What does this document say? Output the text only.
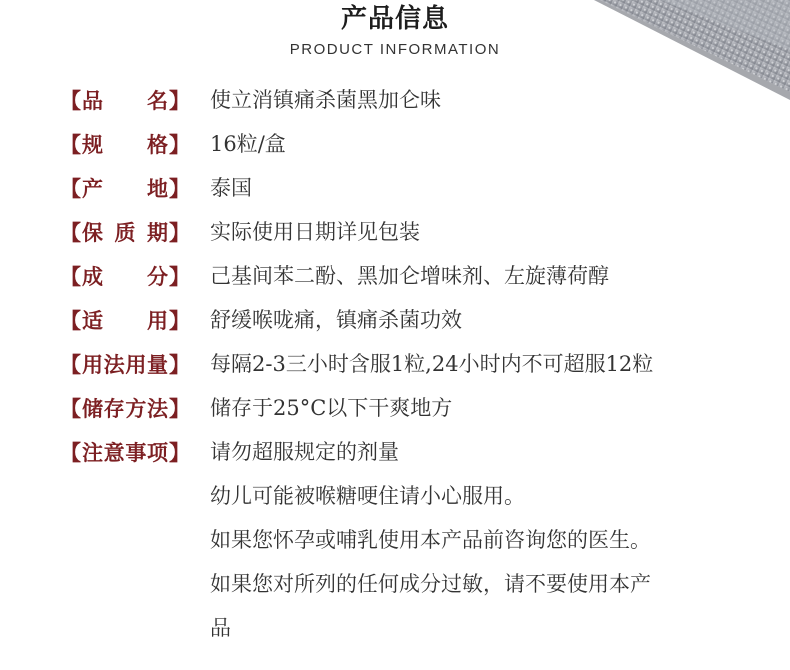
产品信息
PRODUCT INFORMATION
【 品 名 】 使立消镇痛杀菌黑加仑味
【 规 格 】 16粒/盒
【 产 地 】 泰国
【 保 质 期 】 实际使用日期详见包装
【 成 分 】 己基间苯二酚、黑加仑增味剂、左旋薄荷醇
【 适 用 】 舒缓喉咙痛，镇痛杀菌功效
【 用 法 用 量 】 每隔2-3三小时含服1粒,24小时内不可超服12粒
【 储 存 方 法 】 储存于25°C以下干爽地方
【 注 意 事 项 】 请勿超服规定的剂量
幼儿可能被喉糖哽住请小心服用。
如果您怀孕或哺乳使用本产品前咨询您的医生。
如果您对所列的任何成分过敏，请不要使用本产
品
